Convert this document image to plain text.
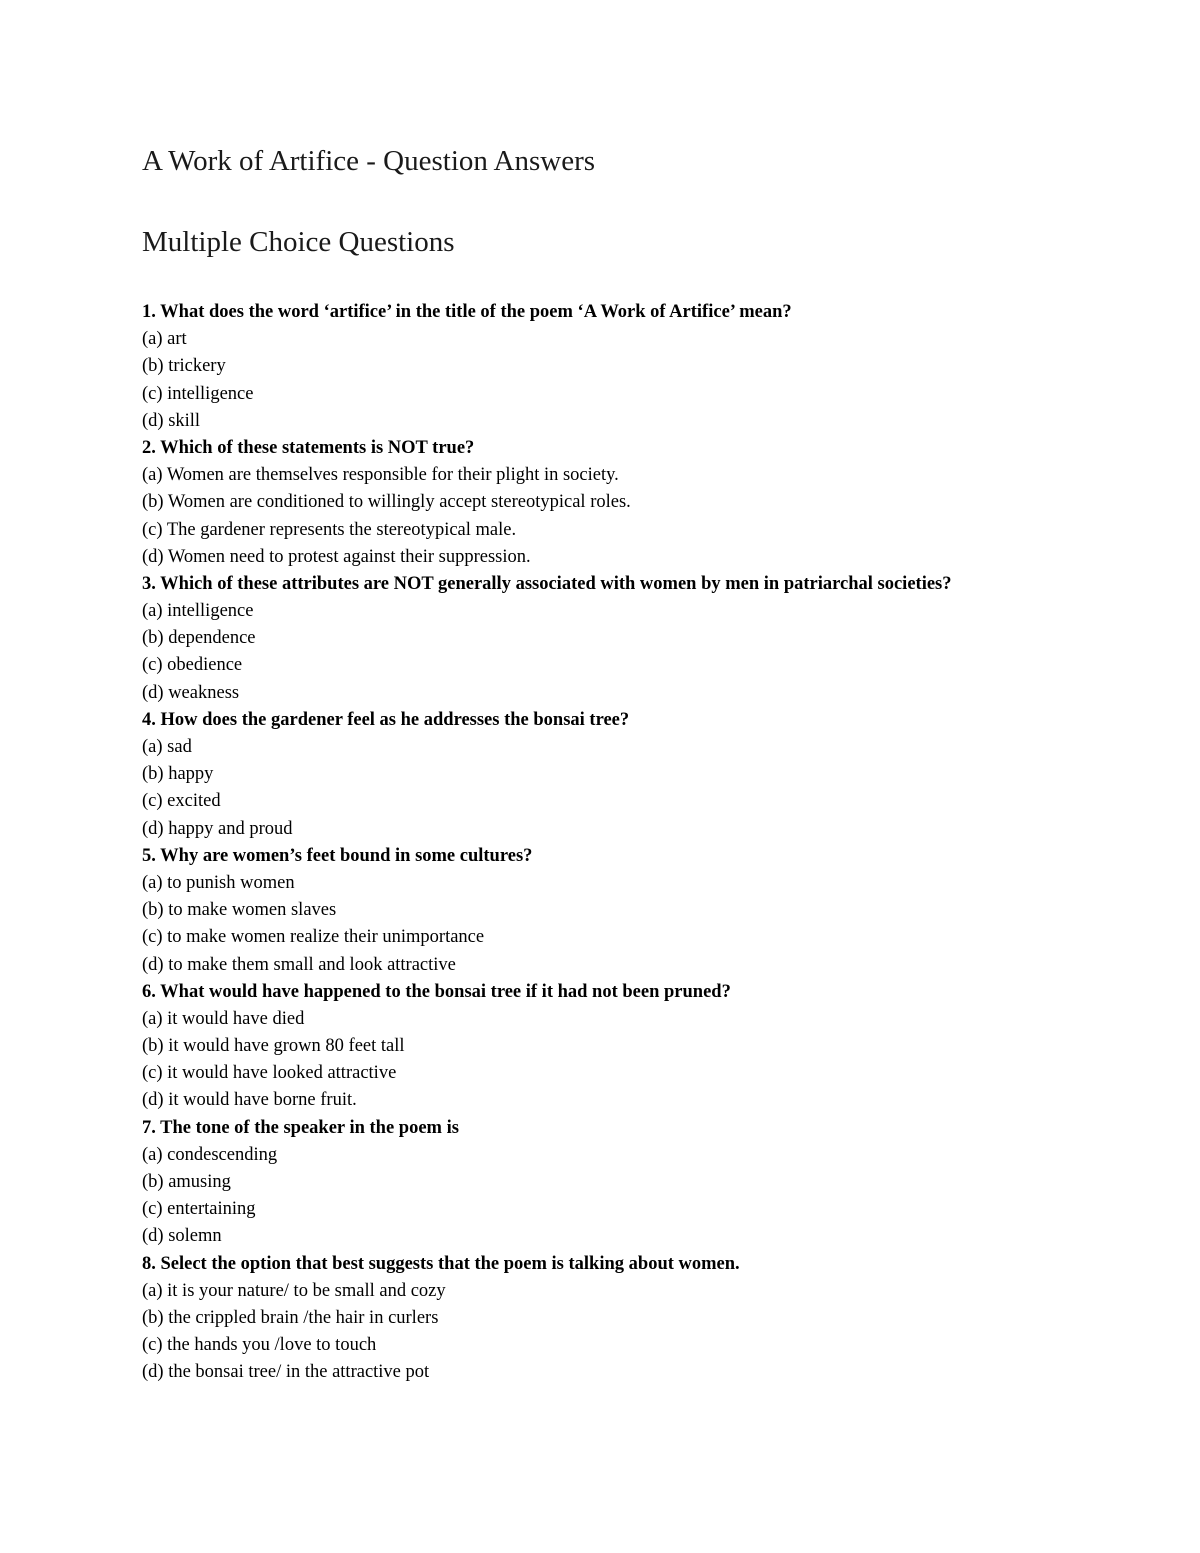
A Work of Artifice - Question Answers
Multiple Choice Questions
1. What does the word ‘artifice’ in the title of the poem ‘A Work of Artifice’ mean?
(a) art
(b) trickery
(c) intelligence
(d) skill
2. Which of these statements is NOT true?
(a) Women are themselves responsible for their plight in society.
(b) Women are conditioned to willingly accept stereotypical roles.
(c) The gardener represents the stereotypical male.
(d) Women need to protest against their suppression.
3. Which of these attributes are NOT generally associated with women by men in patriarchal societies?
(a) intelligence
(b) dependence
(c) obedience
(d) weakness
4. How does the gardener feel as he addresses the bonsai tree?
(a) sad
(b) happy
(c) excited
(d) happy and proud
5. Why are women’s feet bound in some cultures?
(a) to punish women
(b) to make women slaves
(c) to make women realize their unimportance
(d) to make them small and look attractive
6. What would have happened to the bonsai tree if it had not been pruned?
(a) it would have died
(b) it would have grown 80 feet tall
(c) it would have looked attractive
(d) it would have borne fruit.
7. The tone of the speaker in the poem is
(a) condescending
(b) amusing
(c) entertaining
(d) solemn
8. Select the option that best suggests that the poem is talking about women.
(a) it is your nature/ to be small and cozy
(b) the crippled brain /the hair in curlers
(c) the hands you /love to touch
(d) the bonsai tree/ in the attractive pot
